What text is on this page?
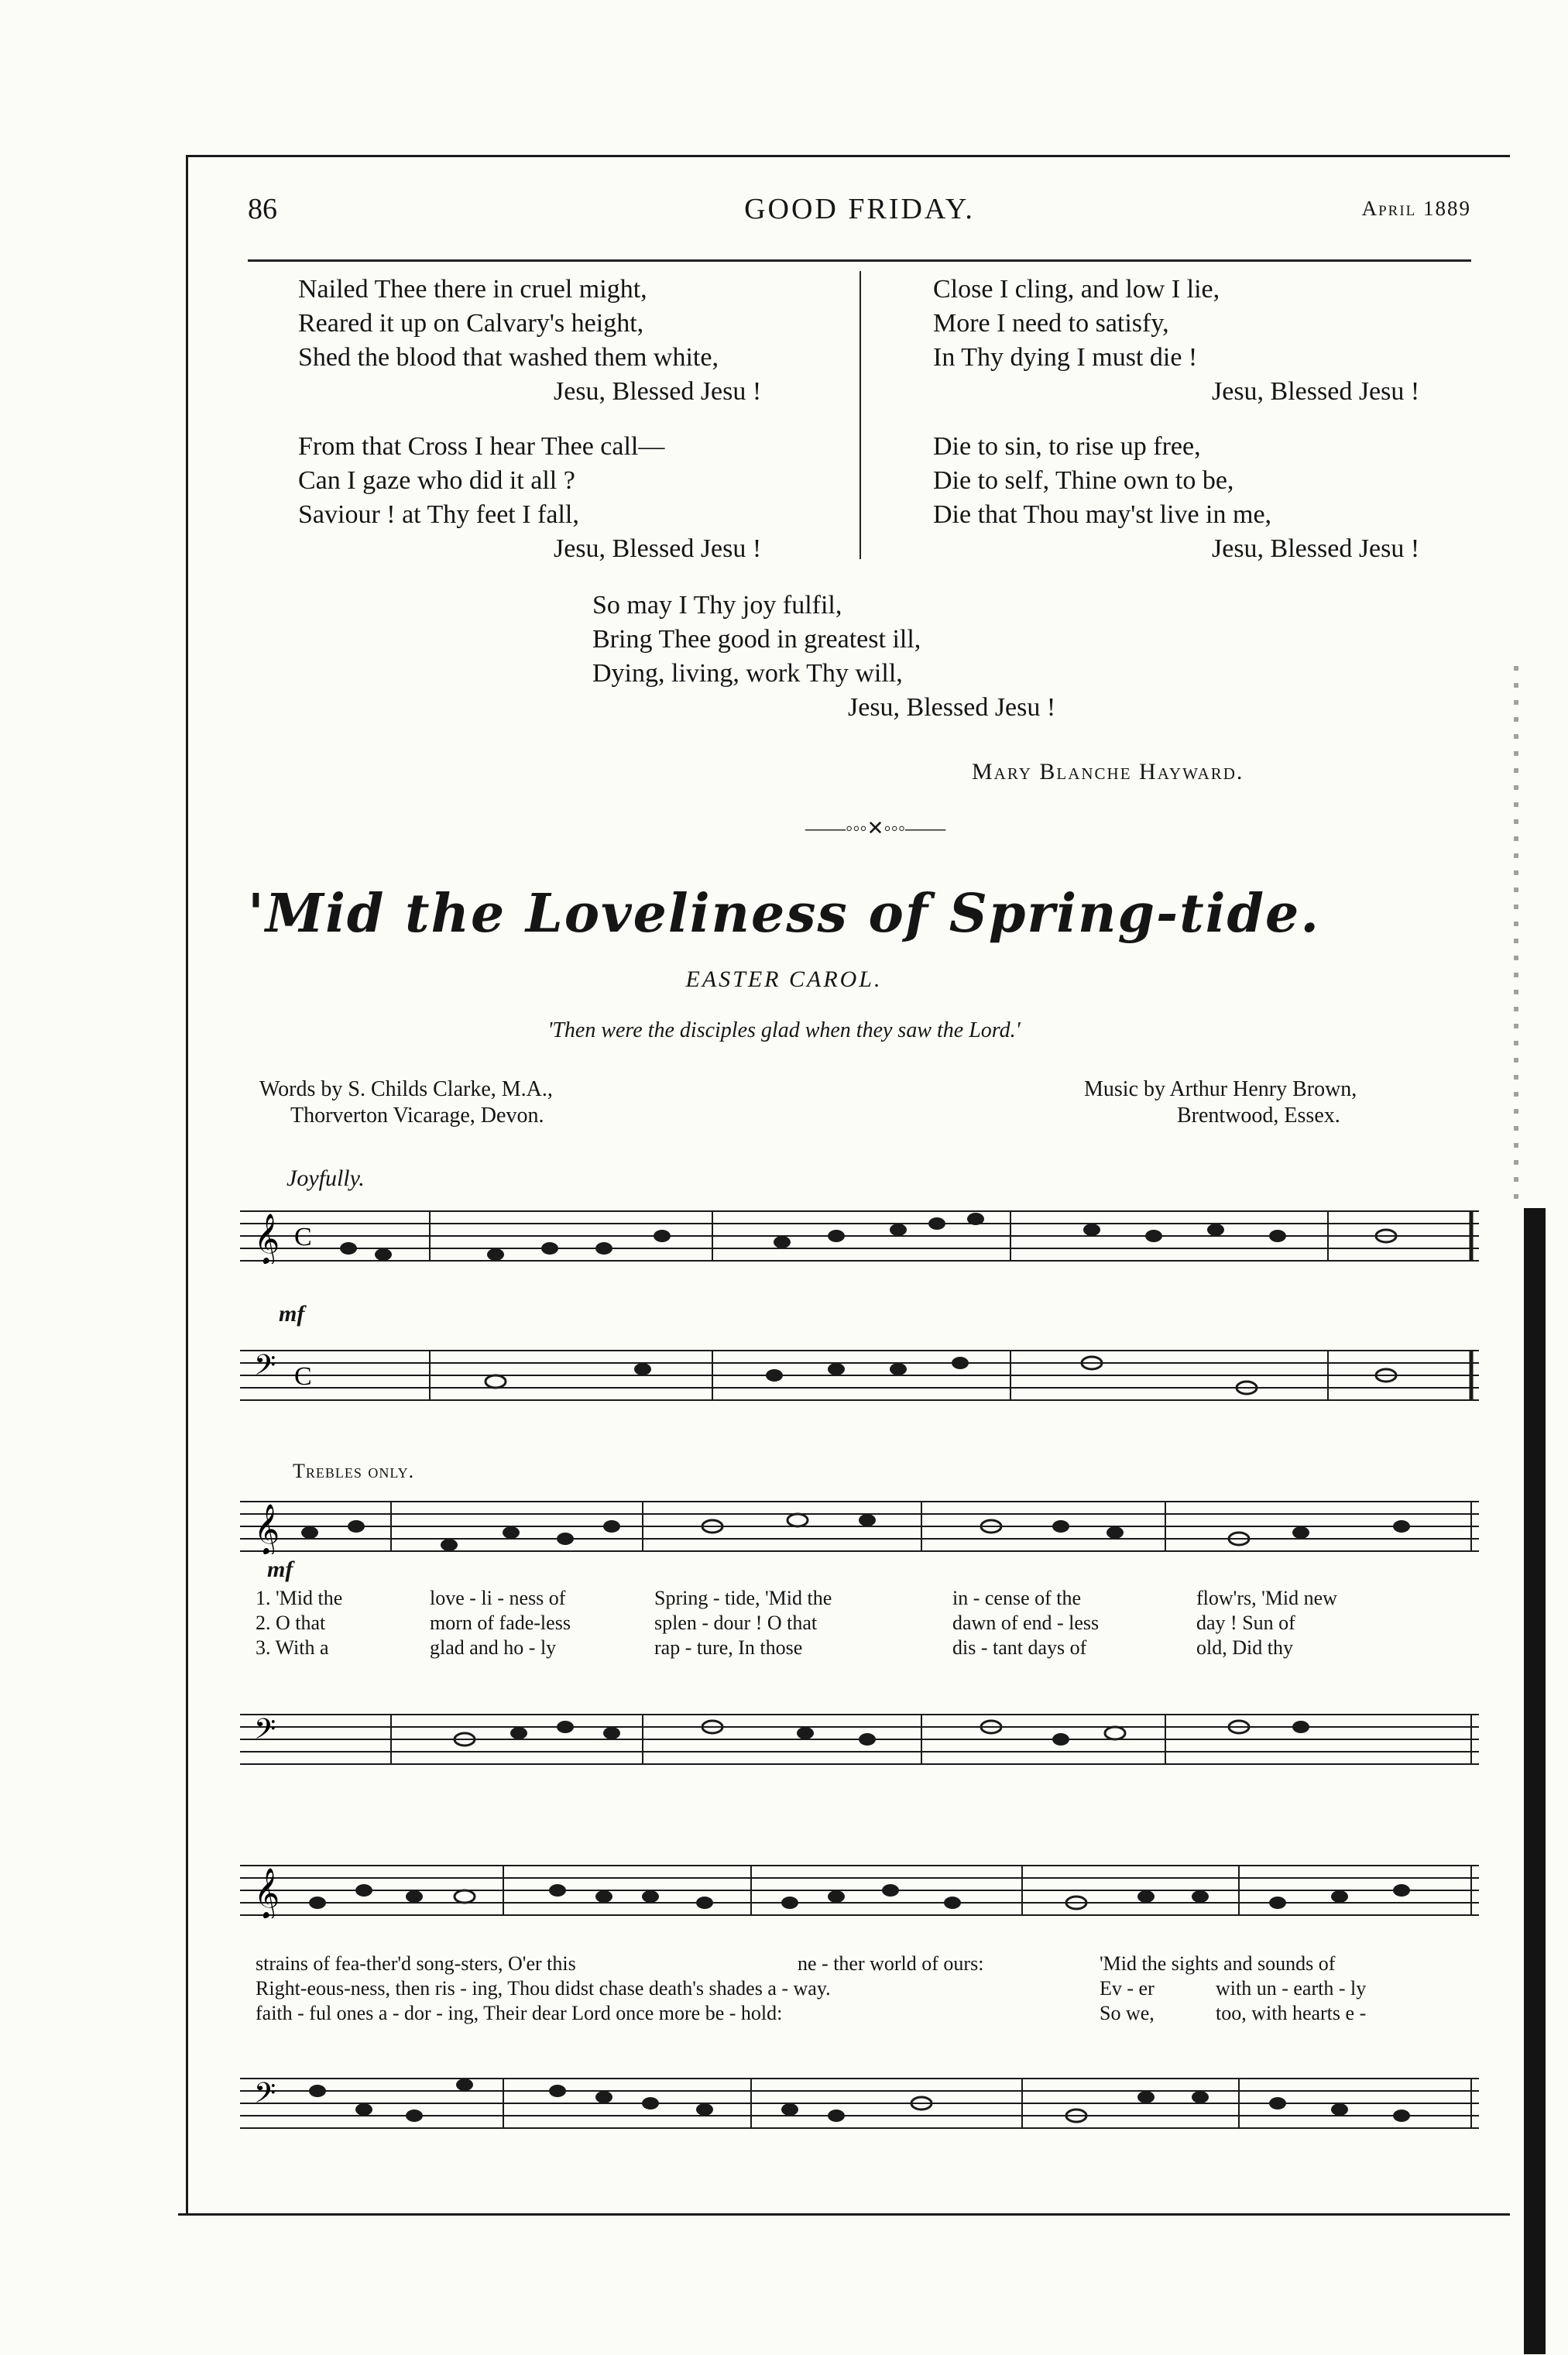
86	GOOD FRIDAY.	April 1889
Nailed Thee there in cruel might,
Reared it up on Calvary's height,
Shed the blood that washed them white,
Jesu, Blessed Jesu !
From that Cross I hear Thee call—
Can I gaze who did it all ?
Saviour ! at Thy feet I fall,
Jesu, Blessed Jesu !
Close I cling, and low I lie,
More I need to satisfy,
In Thy dying I must die !
Jesu, Blessed Jesu !
Die to sin, to rise up free,
Die to self, Thine own to be,
Die that Thou may'st live in me,
Jesu, Blessed Jesu !
So may I Thy joy fulfil,
Bring Thee good in greatest ill,
Dying, living, work Thy will,
Jesu, Blessed Jesu !
Mary Blanche Hayward.
——◦◦◦✕◦◦◦——
'Mid the Loveliness of Spring-tide.
EASTER CAROL.
'Then were the disciples glad when they saw the Lord.'
Words by S. Childs Clarke, M.A.,
Thorverton Vicarage, Devon.
Music by Arthur Henry Brown,
Brentwood, Essex.
Joyfully.
𝄞 C
mf
𝄢 C
Trebles only.
𝄞
mf
1. 'Mid the	love - li - ness of	Spring - tide, 'Mid the	in - cense of the	flow'rs, 'Mid new
2. O that	morn of fade-less	splen - dour ! O that	dawn of end - less	day ! Sun of
3. With a	glad and ho - ly	rap - ture, In those	dis - tant days of	old, Did thy
𝄢
𝄞
strains of fea-ther'd song-sters, O'er this	ne - ther world of ours:	'Mid the sights and sounds of
Right-eous-ness, then ris - ing, Thou didst chase death's shades a - way.	Ev - er	with un - earth - ly
faith - ful ones a - dor - ing, Their dear Lord once more be - hold:	So we,	too, with hearts e -
𝄢
